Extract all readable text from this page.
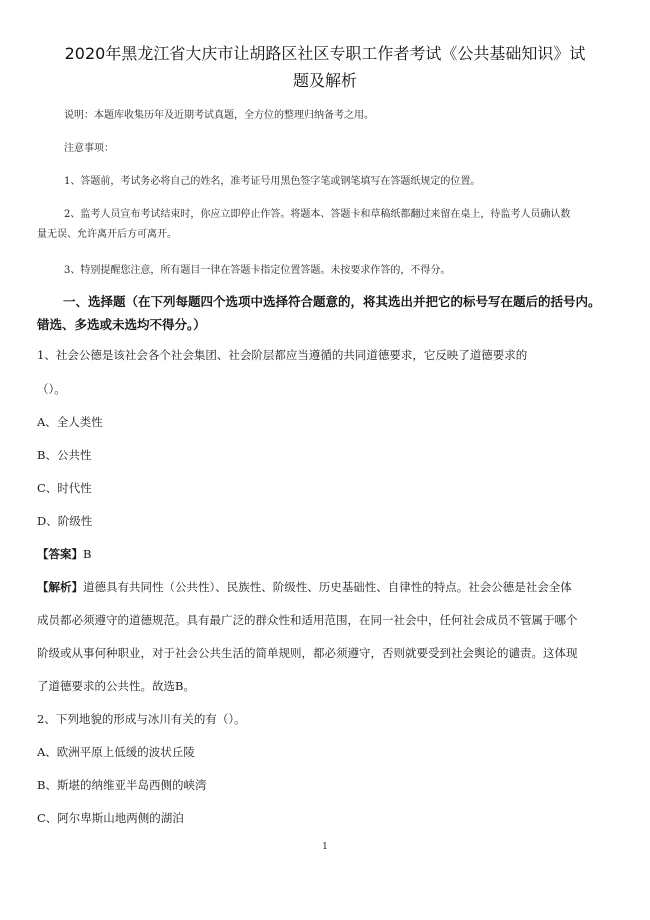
2020年黑龙江省大庆市让胡路区社区专职工作者考试《公共基础知识》试
题及解析

说明：本题库收集历年及近期考试真题，全方位的整理归纳备考之用。

注意事项：

1、答题前，考试务必将自己的姓名，准考证号用黑色签字笔或钢笔填写在答题纸规定的位置。

2、监考人员宣布考试结束时，你应立即停止作答。将题本、答题卡和草稿纸都翻过来留在桌上，待监考人员确认数

量无误、允许离开后方可离开。

3、特别提醒您注意，所有题目一律在答题卡指定位置答题。未按要求作答的，不得分。

一、选择题（在下列每题四个选项中选择符合题意的，将其选出并把它的标号写在题后的括号内。

错选、多选或未选均不得分。）

1、社会公德是该社会各个社会集团、社会阶层都应当遵循的共同道德要求，它反映了道德要求的

（）。

A、全人类性

B、公共性

C、时代性

D、阶级性

【答案】B

【解析】道德具有共同性（公共性）、民族性、阶级性、历史基础性、自律性的特点。社会公德是社会全体

成员都必须遵守的道德规范。具有最广泛的群众性和适用范围，在同一社会中，任何社会成员不管属于哪个

阶级或从事何种职业，对于社会公共生活的简单规则，都必须遵守，否则就要受到社会舆论的谴责。这体现

了道德要求的公共性。故选B。

2、下列地貌的形成与冰川有关的有（）。

A、欧洲平原上低缓的波状丘陵

B、斯堪的纳维亚半岛西侧的峡湾

C、阿尔卑斯山地两侧的湖泊

1
